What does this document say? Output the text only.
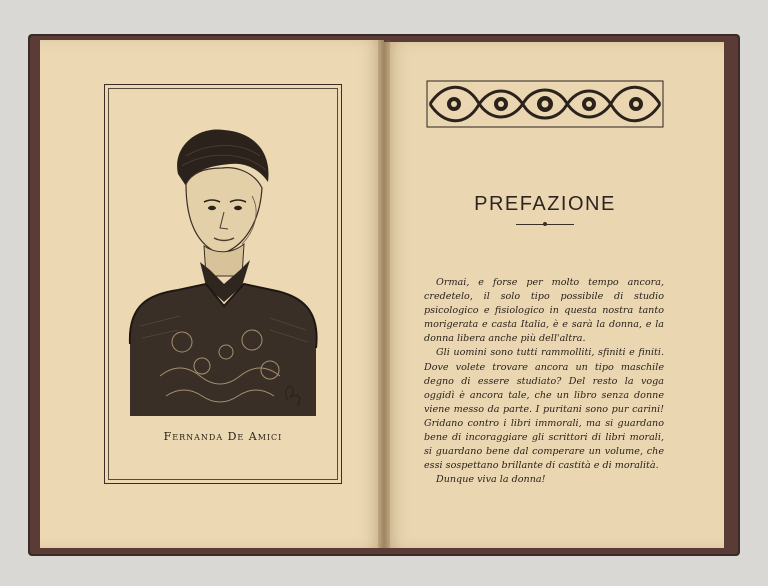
Fernanda De Amici
PREFAZIONE

Ormai, e forse per molto tempo ancora, credetelo, il solo tipo possibile di studio psicologico e fisiologico in questa nostra tanto morigerata e casta Italia, è e sarà la donna, e la donna libera anche più dell'altra.

Gli uomini sono tutti rammolliti, sfiniti e finiti. Dove volete trovare ancora un tipo maschile degno di essere studiato? Del resto la voga oggidì è ancora tale, che un libro senza donne viene messo da parte. I puritani sono pur carini! Gridano contro i libri immorali, ma si guardano bene di incoraggiare gli scrittori di libri morali, si guardano bene dal comperare un volume, che essi sospettano brillante di castità e di moralità.

Dunque viva la donna!
